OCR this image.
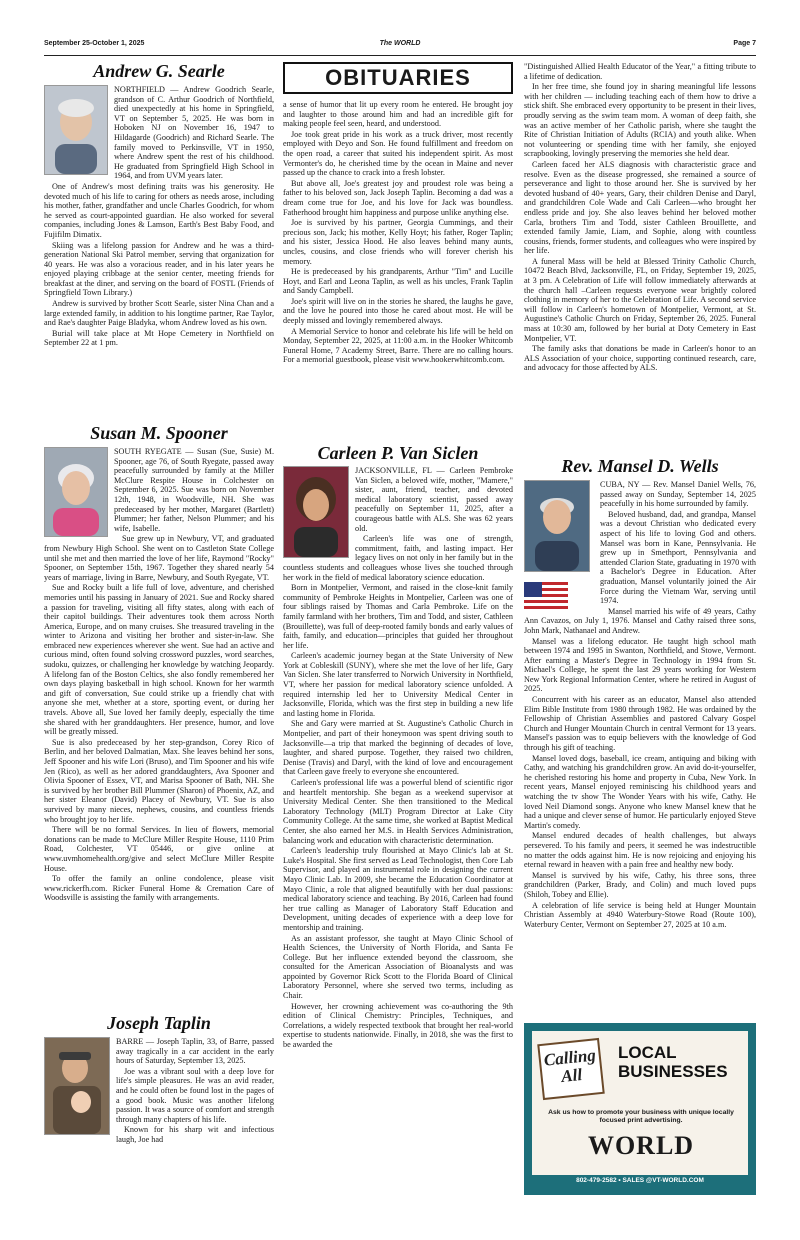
September 25-October 1, 2025	The WORLD	Page 7
Andrew G. Searle

NORTHFIELD — Andrew Goodrich Searle, grandson of C. Arthur Goodrich of Northfield, died unexpectedly at his home in Springfield, VT on September 5, 2025. He was born in Hoboken NJ on November 16, 1947 to Hildagarde (Goodrich) and Richard Searle. The family moved to Perkinsville, VT in 1950, where Andrew spent the rest of his childhood. He graduated from Springfield High School in 1964, and from UVM years later.

One of Andrew's most defining traits was his generosity. He devoted much of his life to caring for others as needs arose, including his mother, father, grandfather and uncle Charles Goodrich, for whom he served as court-appointed guardian. He also worked for several companies, including Jones & Lamson, Earth's Best Baby Food, and Fujifilm Dimatix.

Skiing was a lifelong passion for Andrew and he was a third-generation National Ski Patrol member, serving that organization for 40 years. He was also a voracious reader, and in his later years he enjoyed playing cribbage at the senior center, meeting friends for breakfast at the diner, and serving on the board of FOSTL (Friends of Springfield Town Library.)

Andrew is survived by brother Scott Searle, sister Nina Chan and a large extended family, in addition to his longtime partner, Rae Taylor, and Rae's daughter Paige Bladyka, whom Andrew loved as his own.

Burial will take place at Mt Hope Cemetery in Northfield on September 22 at 1 pm.

Susan M. Spooner

SOUTH RYEGATE — Susan (Sue, Susie) M. Spooner, age 76, of South Ryegate, passed away peacefully surrounded by family at the Miller McClure Respite House in Colchester on September 6, 2025. Sue was born on November 12th, 1948, in Woodsville, NH. She was predeceased by her mother, Margaret (Bartlett) Plummer; her father, Nelson Plummer; and his wife, Isabelle.

Sue grew up in Newbury, VT, and graduated from Newbury High School. She went on to Castleton State College until she met and then married the love of her life, Raymond "Rocky" Spooner, on September 15th, 1967. Together they shared nearly 54 years of marriage, living in Barre, Newbury, and South Ryegate, VT.

Sue and Rocky built a life full of love, adventure, and cherished memories until his passing in January of 2021. Sue and Rocky shared a passion for traveling, visiting all fifty states, along with each of their capitol buildings. Their adventures took them across North America, Europe, and on many cruises. She treasured traveling in the winter to Arizona and visiting her brother and sister-in-law. She embraced new experiences wherever she went. Sue had an active and curious mind, often found solving crossword puzzles, word searches, sudoku, quizzes, or challenging her knowledge by watching Jeopardy. A lifelong fan of the Boston Celtics, she also fondly remembered her own days playing basketball in high school. Known for her warmth and gift of conversation, Sue could strike up a friendly chat with anyone she met, whether at a store, sporting event, or during her travels. Above all, Sue loved her family deeply, especially the time she shared with her granddaughters. Her presence, humor, and love will be greatly missed.

Sue is also predeceased by her step-grandson, Corey Rico of Berlin, and her beloved Dalmatian, Max. She leaves behind her sons, Jeff Spooner and his wife Lori (Bruso), and Tim Spooner and his wife Jen (Rico), as well as her adored granddaughters, Ava Spooner and Olivia Spooner of Essex, VT, and Marisa Spooner of Bath, NH. She is survived by her brother Bill Plummer (Sharon) of Phoenix, AZ, and her sister Eleanor (David) Placey of Newbury, VT. Sue is also survived by many nieces, nephews, cousins, and countless friends who brought joy to her life.

There will be no formal Services. In lieu of flowers, memorial donations can be made to McClure Miller Respite House, 1110 Prim Road, Colchester, VT 05446, or give online at www.uvmhomehealth.org/give and select McClure Miller Respite House.

To offer the family an online condolence, please visit www.rickerfh.com. Ricker Funeral Home & Cremation Care of Woodsville is assisting the family with arrangements.

Joseph Taplin

BARRE — Joseph Taplin, 33, of Barre, passed away tragically in a car accident in the early hours of Saturday, September 13, 2025.

Joe was a vibrant soul with a deep love for life's simple pleasures. He was an avid reader, and he could often be found lost in the pages of a good book. Music was another lifelong passion. It was a source of comfort and strength through many chapters of his life.

Known for his sharp wit and infectious laugh, Joe had

OBITUARIES

a sense of humor that lit up every room he entered. He brought joy and laughter to those around him and had an incredible gift for making people feel seen, heard, and understood.

Joe took great pride in his work as a truck driver, most recently employed with Deyo and Son. He found fulfillment and freedom on the open road, a career that suited his independent spirit. As most Vermonter's do, he cherished time by the ocean in Maine and never passed up the chance to crack into a fresh lobster.

But above all, Joe's greatest joy and proudest role was being a father to his beloved son, Jack Joseph Taplin. Becoming a dad was a dream come true for Joe, and his love for Jack was boundless. Fatherhood brought him happiness and purpose unlike anything else.

Joe is survived by his partner, Georgia Cummings, and their precious son, Jack; his mother, Kelly Hoyt; his father, Roger Taplin; and his sister, Jessica Hood. He also leaves behind many aunts, uncles, cousins, and close friends who will forever cherish his memory.

He is predeceased by his grandparents, Arthur "Tim" and Lucille Hoyt, and Earl and Leona Taplin, as well as his uncles, Frank Taplin and Sandy Campbell.

Joe's spirit will live on in the stories he shared, the laughs he gave, and the love he poured into those he cared about most. He will be deeply missed and lovingly remembered always.

A Memorial Service to honor and celebrate his life will be held on Monday, September 22, 2025, at 11:00 a.m. in the Hooker Whitcomb Funeral Home, 7 Academy Street, Barre. There are no calling hours. For a memorial guestbook, please visit www.hookerwhitcomb.com.

Carleen P. Van Siclen

JACKSONVILLE, FL — Carleen Pembroke Van Siclen, a beloved wife, mother, "Mamere," sister, aunt, friend, teacher, and devoted medical laboratory scientist, passed away peacefully on September 11, 2025, after a courageous battle with ALS. She was 62 years old.

Carleen's life was one of strength, commitment, faith, and lasting impact. Her legacy lives on not only in her family but in the countless students and colleagues whose lives she touched through her work in the field of medical laboratory science education.

Born in Montpelier, Vermont, and raised in the close-knit family community of Pembroke Heights in Montpelier, Carleen was one of four siblings raised by Thomas and Carla Pembroke. Life on the family farmland with her brothers, Tim and Todd, and sister, Cathleen (Brouillette), was full of deep-rooted family bonds and early values of faith, family, and education—principles that guided her throughout her life.

Carleen's academic journey began at the State University of New York at Cobleskill (SUNY), where she met the love of her life, Gary Van Siclen. She later transferred to Norwich University in Northfield, VT, where her passion for medical laboratory science unfolded. A required internship led her to University Medical Center in Jacksonville, Florida, which was the first step in building a new life and lasting home in Florida.

She and Gary were married at St. Augustine's Catholic Church in Montpelier, and part of their honeymoon was spent driving south to Jacksonville—a trip that marked the beginning of decades of love, laughter, and shared purpose. Together, they raised two children, Denise (Travis) and Daryl, with the kind of love and encouragement that Carleen gave freely to everyone she encountered.

Carleen's professional life was a powerful blend of scientific rigor and heartfelt mentorship. She began as a weekend supervisor at University Medical Center. She then transitioned to the Medical Laboratory Technology (MLT) Program Director at Lake City Community College. At the same time, she worked at Baptist Medical Center, she also earned her M.S. in Health Services Administration, balancing work and education with characteristic determination.

Carleen's leadership truly flourished at Mayo Clinic's lab at St. Luke's Hospital. She first served as Lead Technologist, then Core Lab Supervisor, and played an instrumental role in designing the current Mayo Clinic Lab. In 2009, she became the Education Coordinator at Mayo Clinic, a role that aligned beautifully with her dual passions: medical laboratory science and teaching. By 2016, Carleen had found her true calling as Manager of Laboratory Staff Education and Development, uniting decades of experience with a deep love for mentorship and training.

As an assistant professor, she taught at Mayo Clinic School of Health Sciences, the University of North Florida, and Santa Fe College. But her influence extended beyond the classroom, she consulted for the American Association of Bioanalysts and was appointed by Governor Rick Scott to the Florida Board of Clinical Laboratory Personnel, where she served two terms, including as Chair.

However, her crowning achievement was co-authoring the 9th edition of Clinical Chemistry: Principles, Techniques, and Correlations, a widely respected textbook that brought her real-world expertise to students nationwide. Finally, in 2018, she was the first to be awarded the

"Distinguished Allied Health Educator of the Year," a fitting tribute to a lifetime of dedication.

In her free time, she found joy in sharing meaningful life lessons with her children — including teaching each of them how to drive a stick shift. She embraced every opportunity to be present in their lives, proudly serving as the swim team mom. A woman of deep faith, she was an active member of her Catholic parish, where she taught the Rite of Christian Initiation of Adults (RCIA) and youth alike. When not volunteering or spending time with her family, she enjoyed scrapbooking, lovingly preserving the memories she held dear.

Carleen faced her ALS diagnosis with characteristic grace and resolve. Even as the disease progressed, she remained a source of perseverance and light to those around her. She is survived by her devoted husband of 40+ years, Gary, their children Denise and Daryl, and grandchildren Cole Wade and Cali Carleen—who brought her endless pride and joy. She also leaves behind her beloved mother Carla, brothers Tim and Todd, sister Cathleen Brouillette, and extended family Jamie, Liam, and Sophie, along with countless cousins, friends, former students, and colleagues who were inspired by her life.

A funeral Mass will be held at Blessed Trinity Catholic Church, 10472 Beach Blvd, Jacksonville, FL, on Friday, September 19, 2025, at 3 pm. A Celebration of Life will follow immediately afterwards at the church hall –Carleen requests everyone wear brightly colored clothing in memory of her to the Celebration of Life. A second service will follow in Carleen's hometown of Montpelier, Vermont, at St. Augustine's Catholic Church on Friday, September 26, 2025. Funeral mass at 10:30 am, followed by her burial at Doty Cemetery in East Montpelier, VT.

The family asks that donations be made in Carleen's honor to an ALS Association of your choice, supporting continued research, care, and advocacy for those affected by ALS.

Rev. Mansel D. Wells

CUBA, NY — Rev. Mansel Daniel Wells, 76, passed away on Sunday, September 14, 2025 peacefully in his home surrounded by family.

Beloved husband, dad, and grandpa, Mansel was a devout Christian who dedicated every aspect of his life to loving God and others. Mansel was born in Kane, Pennsylvania. He grew up in Smethport, Pennsylvania and attended Clarion State, graduating in 1970 with a Bachelor's Degree in Education. After graduation, Mansel voluntarily joined the Air Force during the Vietnam War, serving until 1974.

Mansel married his wife of 49 years, Cathy Ann Cavazos, on July 1, 1976. Mansel and Cathy raised three sons, John Mark, Nathanael and Andrew.

Mansel was a lifelong educator. He taught high school math between 1974 and 1995 in Swanton, Northfield, and Stowe, Vermont. After earning a Master's Degree in Technology in 1994 from St. Michael's College, he spent the last 29 years working for Western New York Regional Information Center, where he retired in August of 2025.

Concurrent with his career as an educator, Mansel also attended Elim Bible Institute from 1980 through 1982. He was ordained by the Fellowship of Christian Assemblies and pastored Calvary Gospel Church and Hunger Mountain Church in central Vermont for 13 years. Mansel's passion was to equip believers with the knowledge of God through his gift of teaching.

Mansel loved dogs, baseball, ice cream, antiquing and biking with Cathy, and watching his grandchildren grow. An avid do-it-yourselfer, he cherished restoring his home and property in Cuba, New York. In recent years, Mansel enjoyed reminiscing his childhood years and watching the tv show The Wonder Years with his wife, Cathy. He loved Neil Diamond songs. Anyone who knew Mansel knew that he had a unique and clever sense of humor. He particularly enjoyed Steve Martin's comedy.

Mansel endured decades of health challenges, but always persevered. To his family and peers, it seemed he was indestructible no matter the odds against him. He is now rejoicing and enjoying his eternal reward in heaven with a pain free and healthy new body.

Mansel is survived by his wife, Cathy, his three sons, three grandchildren (Parker, Brady, and Colin) and much loved pups (Shiloh, Tobey and Ellie).

A celebration of life service is being held at Hunger Mountain Christian Assembly at 4940 Waterbury-Stowe Road (Route 100), Waterbury Center, Vermont on September 27, 2025 at 10 a.m.

Calling All
LOCAL BUSINESSES
Ask us how to promote your business with unique locally focused print advertising.
WORLD
802-479-2582 • SALES @VT-WORLD.COM
